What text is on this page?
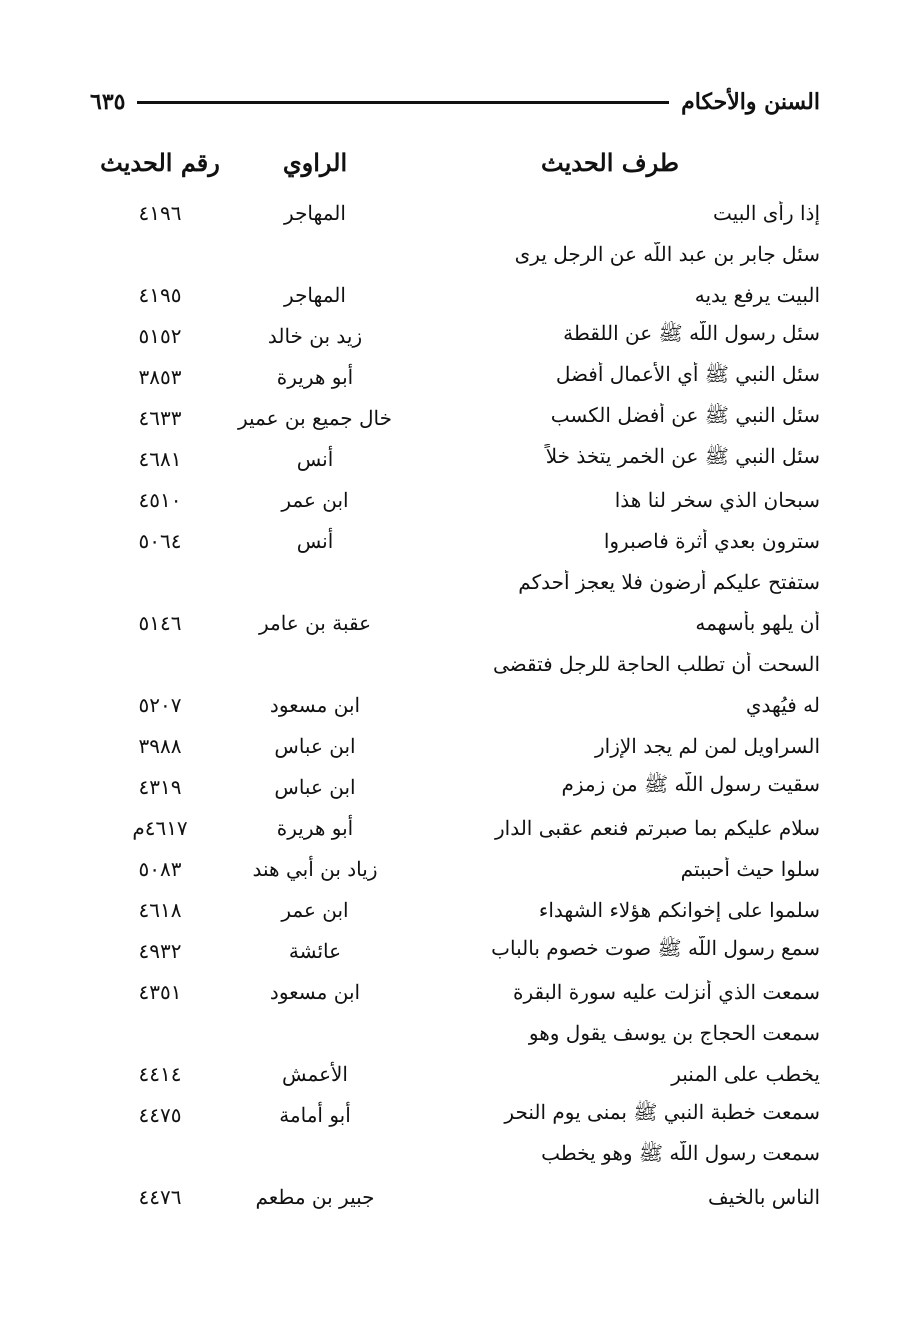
السنن والأحكام
٦٣٥
طرف الحديث
الراوي
رقم الحديث
إذا رأى البيت
المهاجر
٤١٩٦
سئل جابر بن عبد اللّه عن الرجل يرى
البيت يرفع يديه
المهاجر
٤١٩٥
سئل رسول اللّه ﷺ عن اللقطة
زيد بن خالد
٥١٥٢
سئل النبي ﷺ أي الأعمال أفضل
أبو هريرة
٣٨٥٣
سئل النبي ﷺ عن أفضل الكسب
خال جميع بن عمير
٤٦٣٣
سئل النبي ﷺ عن الخمر يتخذ خلاً
أنس
٤٦٨١
سبحان الذي سخر لنا هذا
ابن عمر
٤٥١٠
سترون بعدي أثرة فاصبروا
أنس
٥٠٦٤
ستفتح عليكم أرضون فلا يعجز أحدكم
أن يلهو بأسهمه
عقبة بن عامر
٥١٤٦
السحت أن تطلب الحاجة للرجل فتقضى
له فيُهدي
ابن مسعود
٥٢٠٧
السراويل لمن لم يجد الإزار
ابن عباس
٣٩٨٨
سقيت رسول اللّه ﷺ من زمزم
ابن عباس
٤٣١٩
سلام عليكم بما صبرتم فنعم عقبى الدار
أبو هريرة
٤٦١٧م
سلوا حيث أحببتم
زياد بن أبي هند
٥٠٨٣
سلموا على إخوانكم هؤلاء الشهداء
ابن عمر
٤٦١٨
سمع رسول اللّه ﷺ صوت خصوم بالباب
عائشة
٤٩٣٢
سمعت الذي أنزلت عليه سورة البقرة
ابن مسعود
٤٣٥١
سمعت الحجاج بن يوسف يقول وهو
يخطب على المنبر
الأعمش
٤٤١٤
سمعت خطبة النبي ﷺ بمنى يوم النحر
أبو أمامة
٤٤٧٥
سمعت رسول اللّه ﷺ وهو يخطب
الناس بالخيف
جبير بن مطعم
٤٤٧٦
